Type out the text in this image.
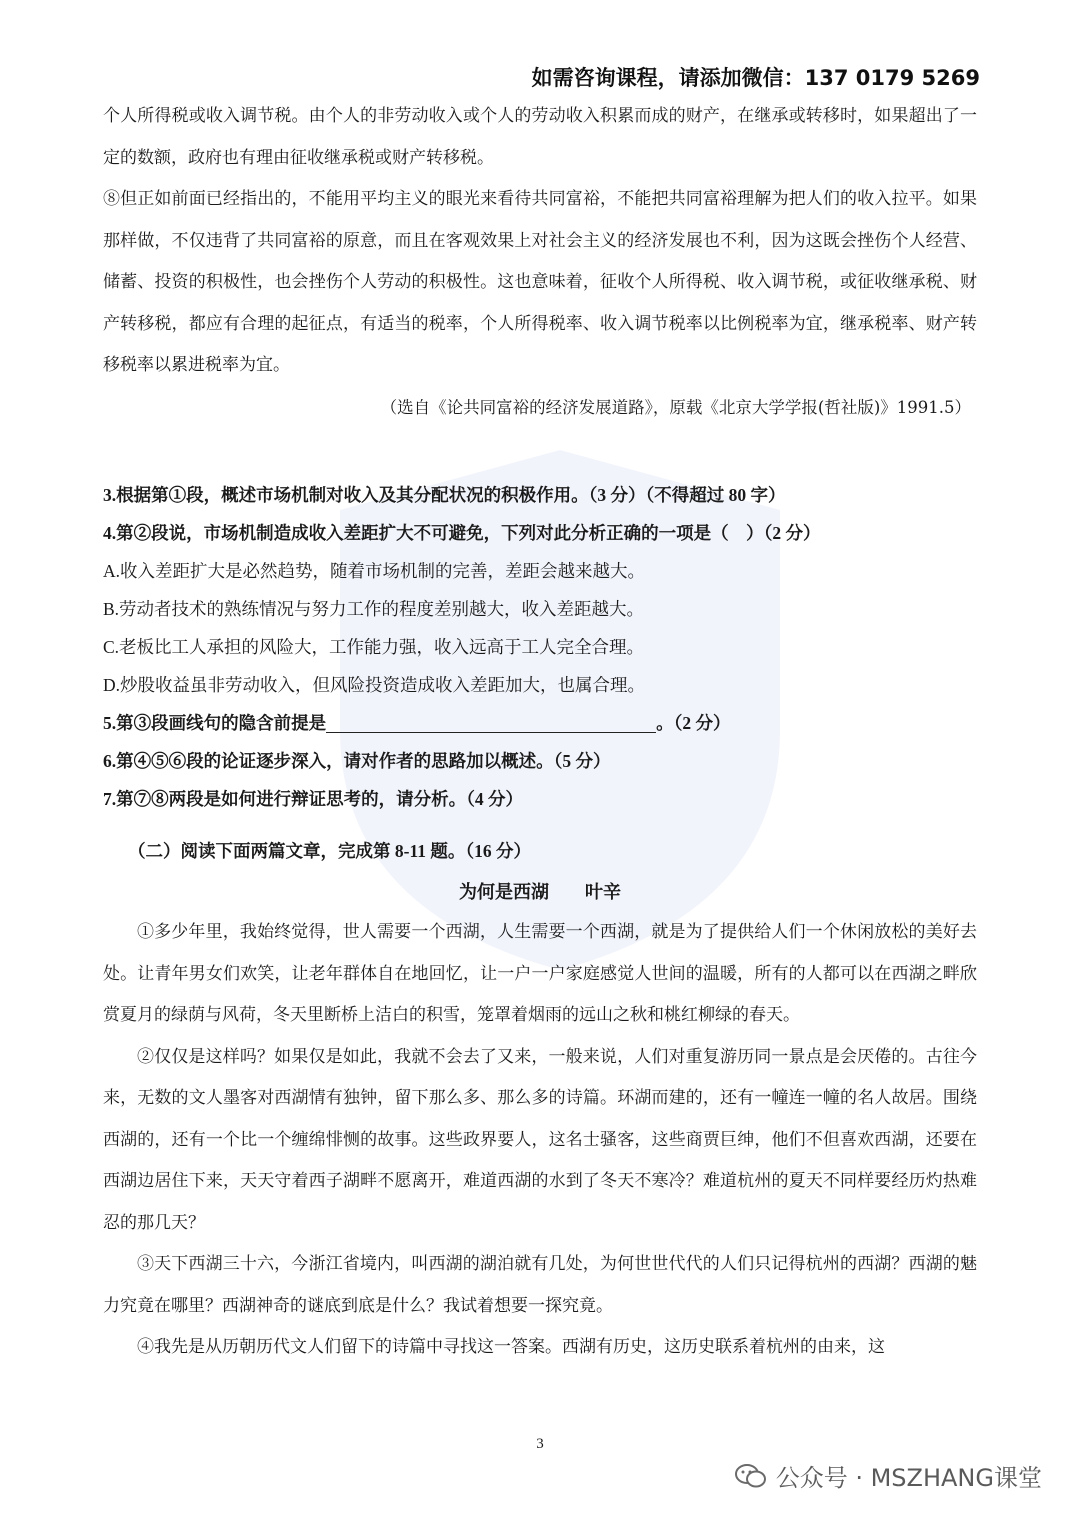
如需咨询课程，请添加微信：137 0179 5269

个人所得税或收入调节税。由个人的非劳动收入或个人的劳动收入积累而成的财产，在继承或转移时，如果超出了一定的数额，政府也有理由征收继承税或财产转移税。

⑧但正如前面已经指出的，不能用平均主义的眼光来看待共同富裕，不能把共同富裕理解为把人们的收入拉平。如果那样做，不仅违背了共同富裕的原意，而且在客观效果上对社会主义的经济发展也不利，因为这既会挫伤个人经营、储蓄、投资的积极性，也会挫伤个人劳动的积极性。这也意味着，征收个人所得税、收入调节税，或征收继承税、财产转移税，都应有合理的起征点，有适当的税率，个人所得税率、收入调节税率以比例税率为宜，继承税率、财产转移税率以累进税率为宜。

（选自《论共同富裕的经济发展道路》，原载《北京大学学报(哲社版)》1991.5）

3.根据第①段，概述市场机制对收入及其分配状况的积极作用。（3 分）（不得超过 80 字）
4.第②段说，市场机制造成收入差距扩大不可避免，下列对此分析正确的一项是（　）（2 分）
A.收入差距扩大是必然趋势，随着市场机制的完善，差距会越来越大。
B.劳动者技术的熟练情况与努力工作的程度差别越大，收入差距越大。
C.老板比工人承担的风险大，工作能力强，收入远高于工人完全合理。
D.炒股收益虽非劳动收入，但风险投资造成收入差距加大，也属合理。
5.第③段画线句的隐含前提是	。（2 分）
6.第④⑤⑥段的论证逐步深入，请对作者的思路加以概述。（5 分）
7.第⑦⑧两段是如何进行辩证思考的，请分析。（4 分）
（二）阅读下面两篇文章，完成第 8-11 题。（16 分）
为何是西湖 叶辛

①多少年里，我始终觉得，世人需要一个西湖，人生需要一个西湖，就是为了提供给人们一个休闲放松的美好去处。让青年男女们欢笑，让老年群体自在地回忆，让一户一户家庭感觉人世间的温暖，所有的人都可以在西湖之畔欣赏夏月的绿荫与风荷，冬天里断桥上洁白的积雪，笼罩着烟雨的远山之秋和桃红柳绿的春天。

②仅仅是这样吗？如果仅是如此，我就不会去了又来，一般来说，人们对重复游历同一景点是会厌倦的。古往今来，无数的文人墨客对西湖情有独钟，留下那么多、那么多的诗篇。环湖而建的，还有一幢连一幢的名人故居。围绕西湖的，还有一个比一个缠绵悱恻的故事。这些政界要人，这名士骚客，这些商贾巨绅，他们不但喜欢西湖，还要在西湖边居住下来，天天守着西子湖畔不愿离开，难道西湖的水到了冬天不寒冷？难道杭州的夏天不同样要经历灼热难忍的那几天？

③天下西湖三十六，今浙江省境内，叫西湖的湖泊就有几处，为何世世代代的人们只记得杭州的西湖？西湖的魅力究竟在哪里？西湖神奇的谜底到底是什么？我试着想要一探究竟。

④我先是从历朝历代文人们留下的诗篇中寻找这一答案。西湖有历史，这历史联系着杭州的由来，这

3
公众号 · MSZHANG课堂
